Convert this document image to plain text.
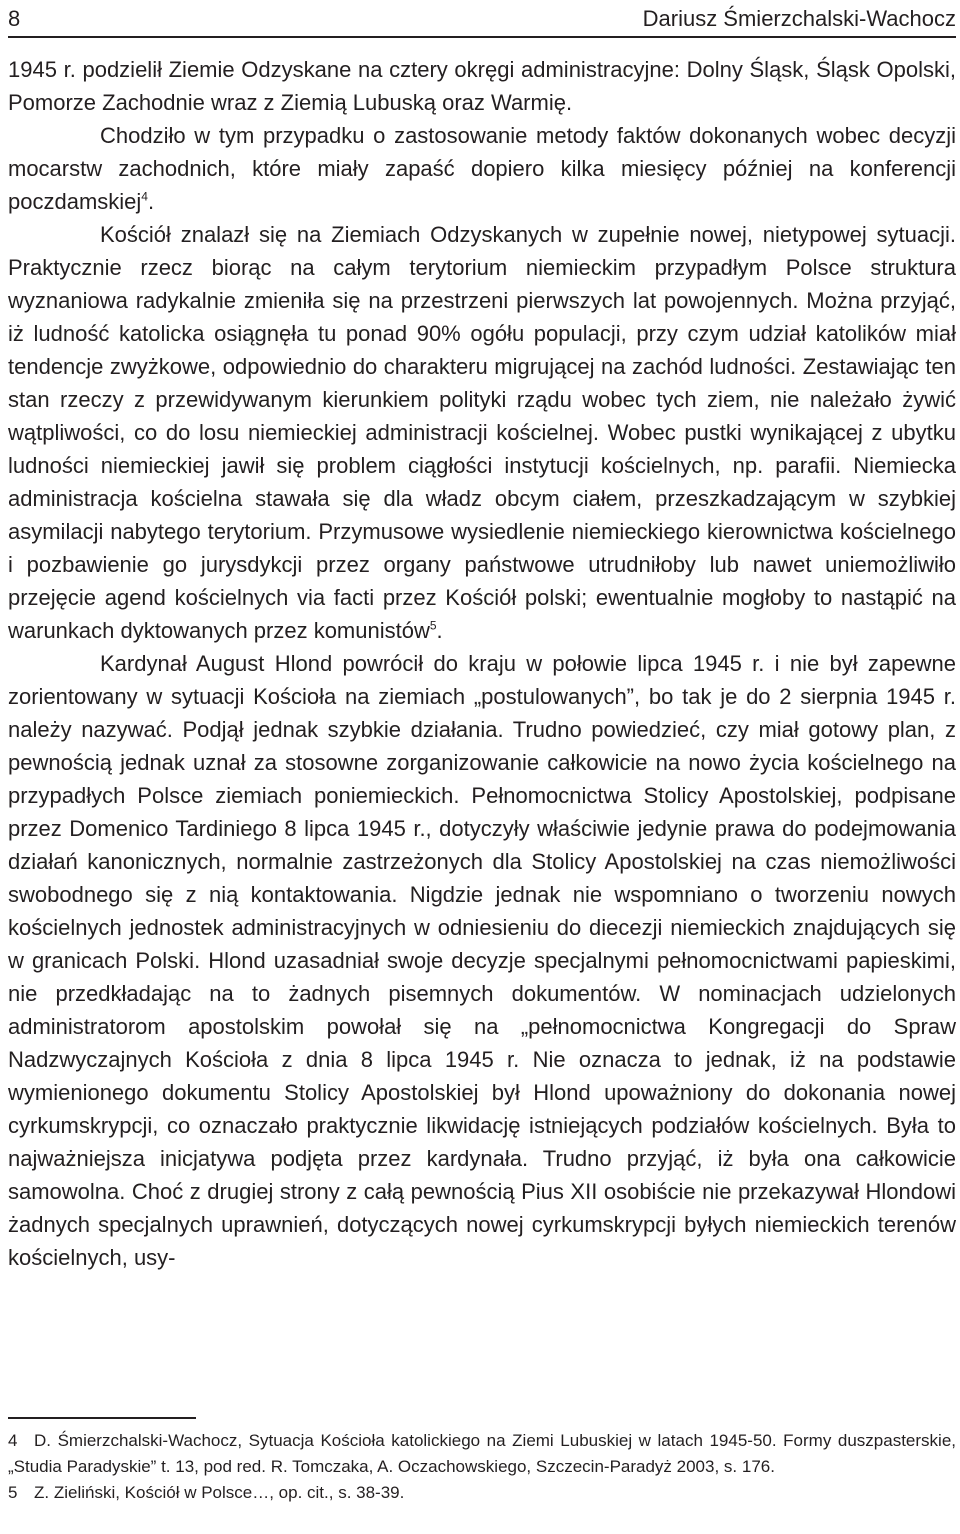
8	Dariusz Śmierzchalski-Wachocz

1945 r. podzielił Ziemie Odzyskane na cztery okręgi administracyjne: Dolny Śląsk, Śląsk Opolski, Pomorze Zachodnie wraz z Ziemią Lubuską oraz Warmię.

Chodziło w tym przypadku o zastosowanie metody faktów dokonanych wobec decyzji mocarstw zachodnich, które miały zapaść dopiero kilka miesięcy później na konferencji poczdamskiej$^4$.

Kościół znalazł się na Ziemiach Odzyskanych w zupełnie nowej, nietypowej sytuacji. Praktycznie rzecz biorąc na całym terytorium niemieckim przypadłym Polsce struktura wyznaniowa radykalnie zmieniła się na przestrzeni pierwszych lat powojennych. Można przyjąć, iż ludność katolicka osiągnęła tu ponad 90% ogółu populacji, przy czym udział katolików miał tendencje zwyżkowe, odpowiednio do charakteru migrującej na zachód ludności. Zestawiając ten stan rzeczy z przewidywanym kierunkiem polityki rządu wobec tych ziem, nie należało żywić wątpliwości, co do losu niemieckiej administracji kościelnej. Wobec pustki wynikającej z ubytku ludności niemieckiej jawił się problem ciągłości instytucji kościelnych, np. parafii. Niemiecka administracja kościelna stawała się dla władz obcym ciałem, przeszkadzającym w szybkiej asymilacji nabytego terytorium. Przymusowe wysiedlenie niemieckiego kierownictwa kościelnego i pozbawienie go jurysdykcji przez organy państwowe utrudniłoby lub nawet uniemożliwiło przejęcie agend kościelnych via facti przez Kościół polski; ewentualnie mogłoby to nastąpić na warunkach dyktowanych przez komunistów$^5$.

Kardynał August Hlond powrócił do kraju w połowie lipca 1945 r. i nie był zapewne zorientowany w sytuacji Kościoła na ziemiach „postulowanych”, bo tak je do 2 sierpnia 1945 r. należy nazywać. Podjął jednak szybkie działania. Trudno powiedzieć, czy miał gotowy plan, z pewnością jednak uznał za stosowne zorganizowanie całkowicie na nowo życia kościelnego na przypadłych Polsce ziemiach poniemieckich. Pełnomocnictwa Stolicy Apostolskiej, podpisane przez Domenico Tardiniego 8 lipca 1945 r., dotyczyły właściwie jedynie prawa do podejmowania działań kanonicznych, normalnie zastrzeżonych dla Stolicy Apostolskiej na czas niemożliwości swobodnego się z nią kontaktowania. Nigdzie jednak nie wspomniano o tworzeniu nowych kościelnych jednostek administracyjnych w odniesieniu do diecezji niemieckich znajdujących się w granicach Polski. Hlond uzasadniał swoje decyzje specjalnymi pełnomocnictwami papieskimi, nie przedkładając na to żadnych pisemnych dokumentów. W nominacjach udzielonych administratorom apostolskim powołał się na „pełnomocnictwa Kongregacji do Spraw Nadzwyczajnych Kościoła z dnia 8 lipca 1945 r. Nie oznacza to jednak, iż na podstawie wymienionego dokumentu Stolicy Apostolskiej był Hlond upoważniony do dokonania nowej cyrkumskrypcji, co oznaczało praktycznie likwidację istniejących podziałów kościelnych. Była to najważniejsza inicjatywa podjęta przez kardynała. Trudno przyjąć, iż była ona całkowicie samowolna. Choć z drugiej strony z całą pewnością Pius XII osobiście nie przekazywał Hlondowi żadnych specjalnych uprawnień, dotyczących nowej cyrkumskrypcji byłych niemieckich terenów kościelnych, usy-

4 D. Śmierzchalski-Wachocz, Sytuacja Kościoła katolickiego na Ziemi Lubuskiej w latach 1945-50. Formy duszpasterskie, „Studia Paradyskie” t. 13, pod red. R. Tomczaka, A. Oczachowskiego, Szczecin-Paradyż 2003, s. 176.

5 Z. Zieliński, Kościół w Polsce…, op. cit., s. 38-39.
